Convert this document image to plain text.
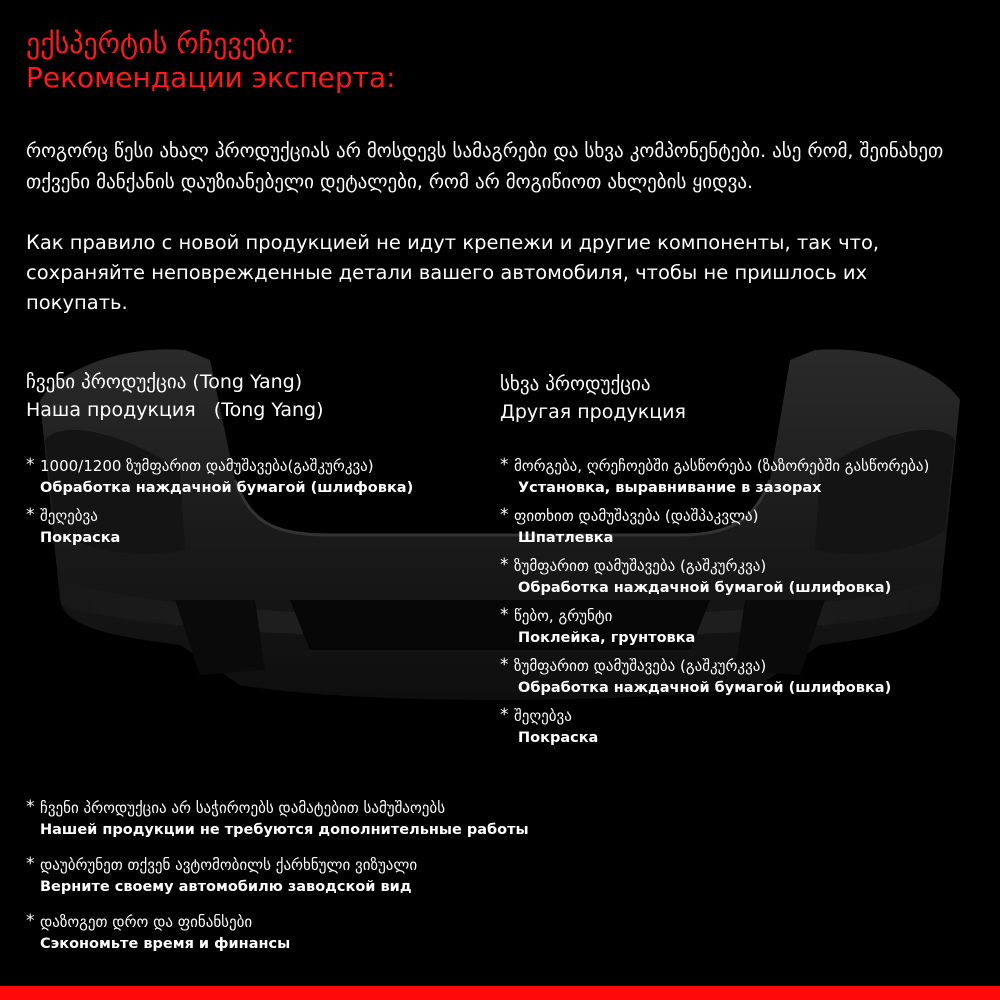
ექსპერტის რჩევები:
Рекомендации эксперта:

როგორც წესი ახალ პროდუქციას არ მოსდევს სამაგრები და სხვა კომპონენტები. ასე რომ, შეინახეთ თქვენი მანქანის დაუზიანებელი დეტალები, რომ არ მოგიწიოთ ახლების ყიდვა.

Как правило с новой продукцией не идут крепежи и другие компоненты, так что, сохраняйте неповрежденные детали вашего автомобиля, чтобы не пришлось их покупать.

ჩვენი პროდუქცია (Tong Yang)
Наша продукция   (Tong Yang)
სხვა პროდუქცია
Другая продукция
* 1000/1200 ზუმფარით დამუშავება(გაშკურკვა)
Обработка наждачной бумагой (шлифовка)
* შეღებვა
Покраска
* მორგება, ღრეჩოებში გასწორება (ზაზორებში გასწორება)
Установка, выравнивание в зазорах
* ფითხით დამუშავება (დაშპაკვლა)
Шпатлевка
* ზუმფარით დამუშავება (გაშკურკვა)
Обработка наждачной бумагой (шлифовка)
* წებო, გრუნტი
Поклейка, грунтовка
* ზუმფარით დამუშავება (გაშკურკვა)
Обработка наждачной бумагой (шлифовка)
* შეღებვა
Покраска
* ჩვენი პროდუქცია არ საჭიროებს დამატებით სამუშაოებს
Нашей продукции не требуются дополнительные работы
* დაუბრუნეთ თქვენ ავტომობილს ქარხნული ვიზუალი
Верните своему автомобилю заводской вид
* დაზოგეთ დრო და ფინანსები
Сэкономьте время и финансы
